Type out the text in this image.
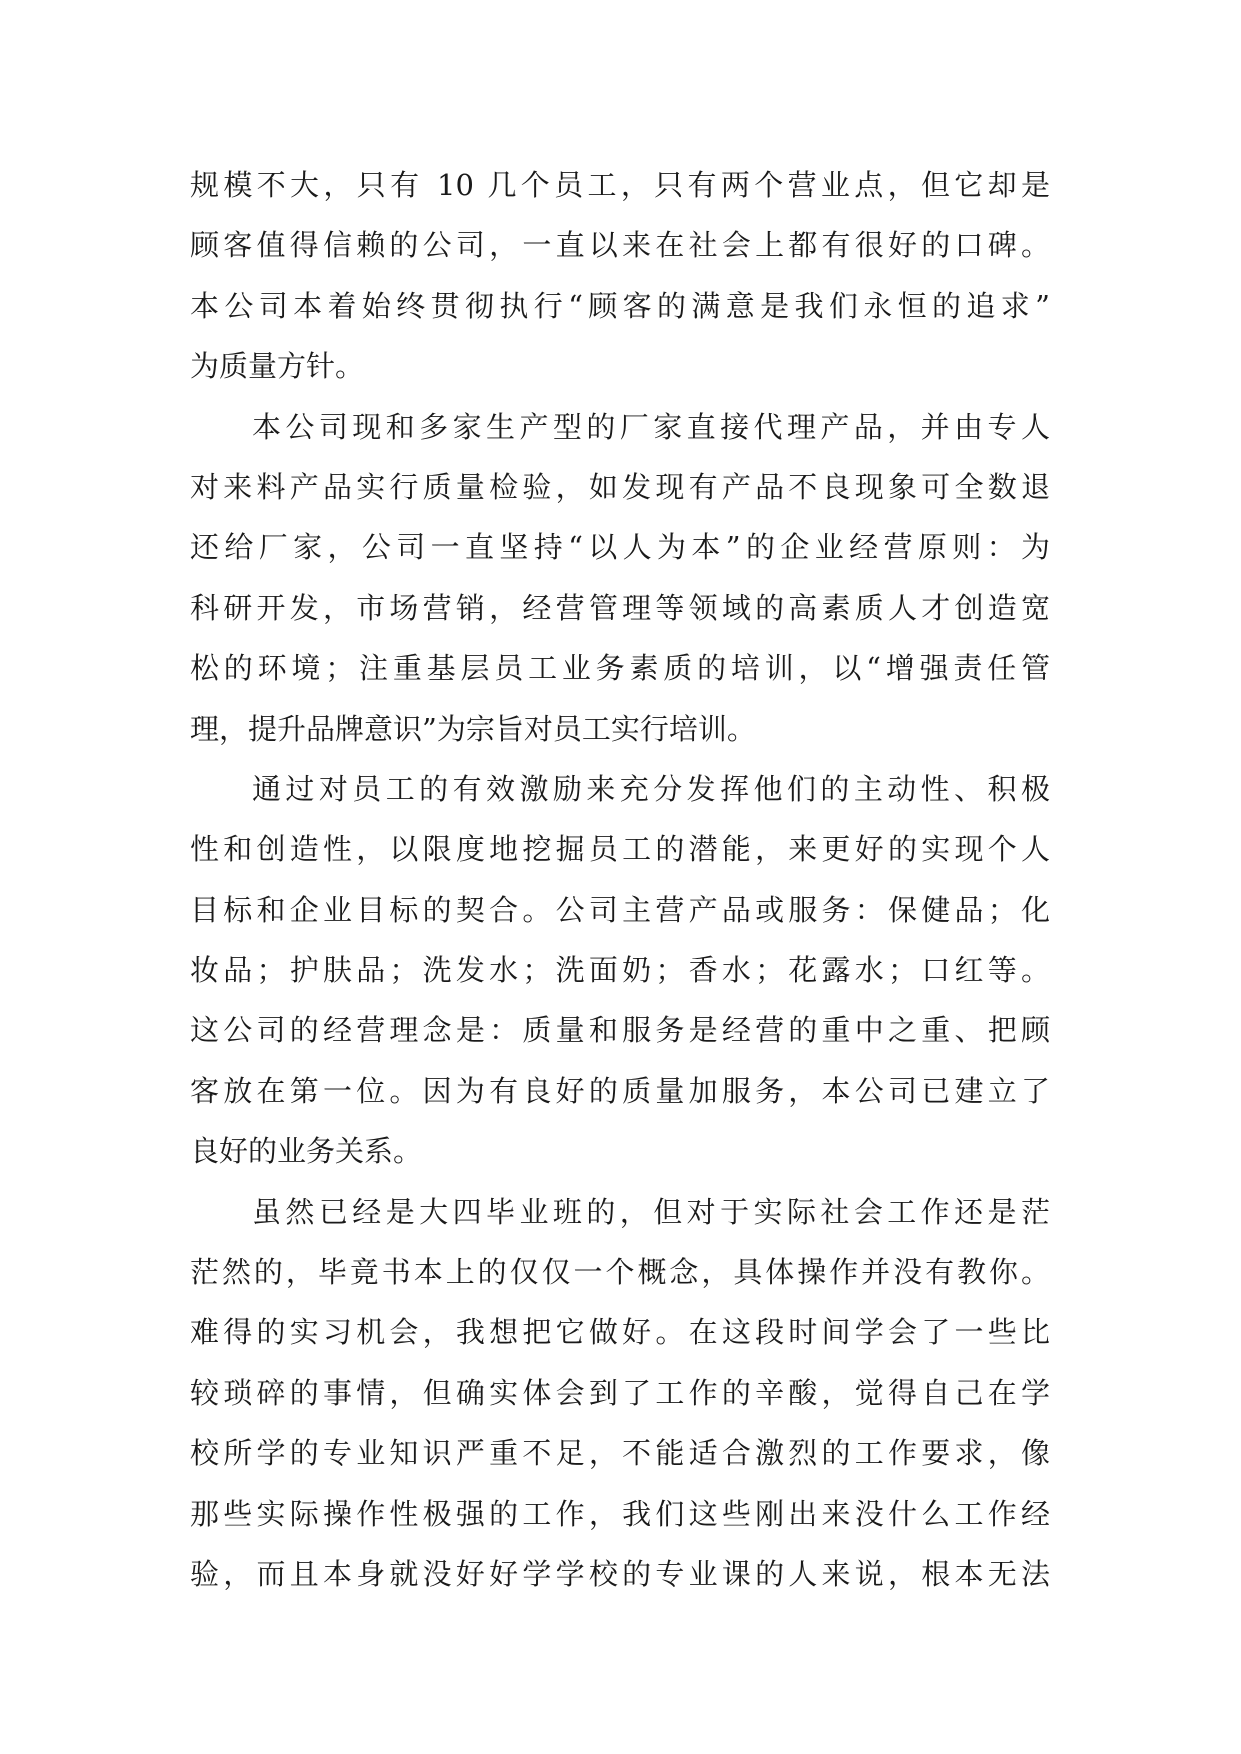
规模不大，只有 10 几个员工，只有两个营业点，但它却是
顾客值得信赖的公司，一直以来在社会上都有很好的口碑。
本公司本着始终贯彻执行“顾客的满意是我们永恒的追求”
为质量方针。
本公司现和多家生产型的厂家直接代理产品，并由专人
对来料产品实行质量检验，如发现有产品不良现象可全数退
还给厂家，公司一直坚持“以人为本”的企业经营原则：为
科研开发，市场营销，经营管理等领域的高素质人才创造宽
松的环境；注重基层员工业务素质的培训，以“增强责任管
理，提升品牌意识”为宗旨对员工实行培训。
通过对员工的有效激励来充分发挥他们的主动性、积极
性和创造性，以限度地挖掘员工的潜能，来更好的实现个人
目标和企业目标的契合。公司主营产品或服务：保健品；化
妆品；护肤品；洗发水；洗面奶；香水；花露水；口红等。
这公司的经营理念是：质量和服务是经营的重中之重、把顾
客放在第一位。因为有良好的质量加服务，本公司已建立了
良好的业务关系。
虽然已经是大四毕业班的，但对于实际社会工作还是茫
茫然的，毕竟书本上的仅仅一个概念，具体操作并没有教你。
难得的实习机会，我想把它做好。在这段时间学会了一些比
较琐碎的事情，但确实体会到了工作的辛酸，觉得自己在学
校所学的专业知识严重不足，不能适合激烈的工作要求，像
那些实际操作性极强的工作，我们这些刚出来没什么工作经
验，而且本身就没好好学学校的专业课的人来说，根本无法
